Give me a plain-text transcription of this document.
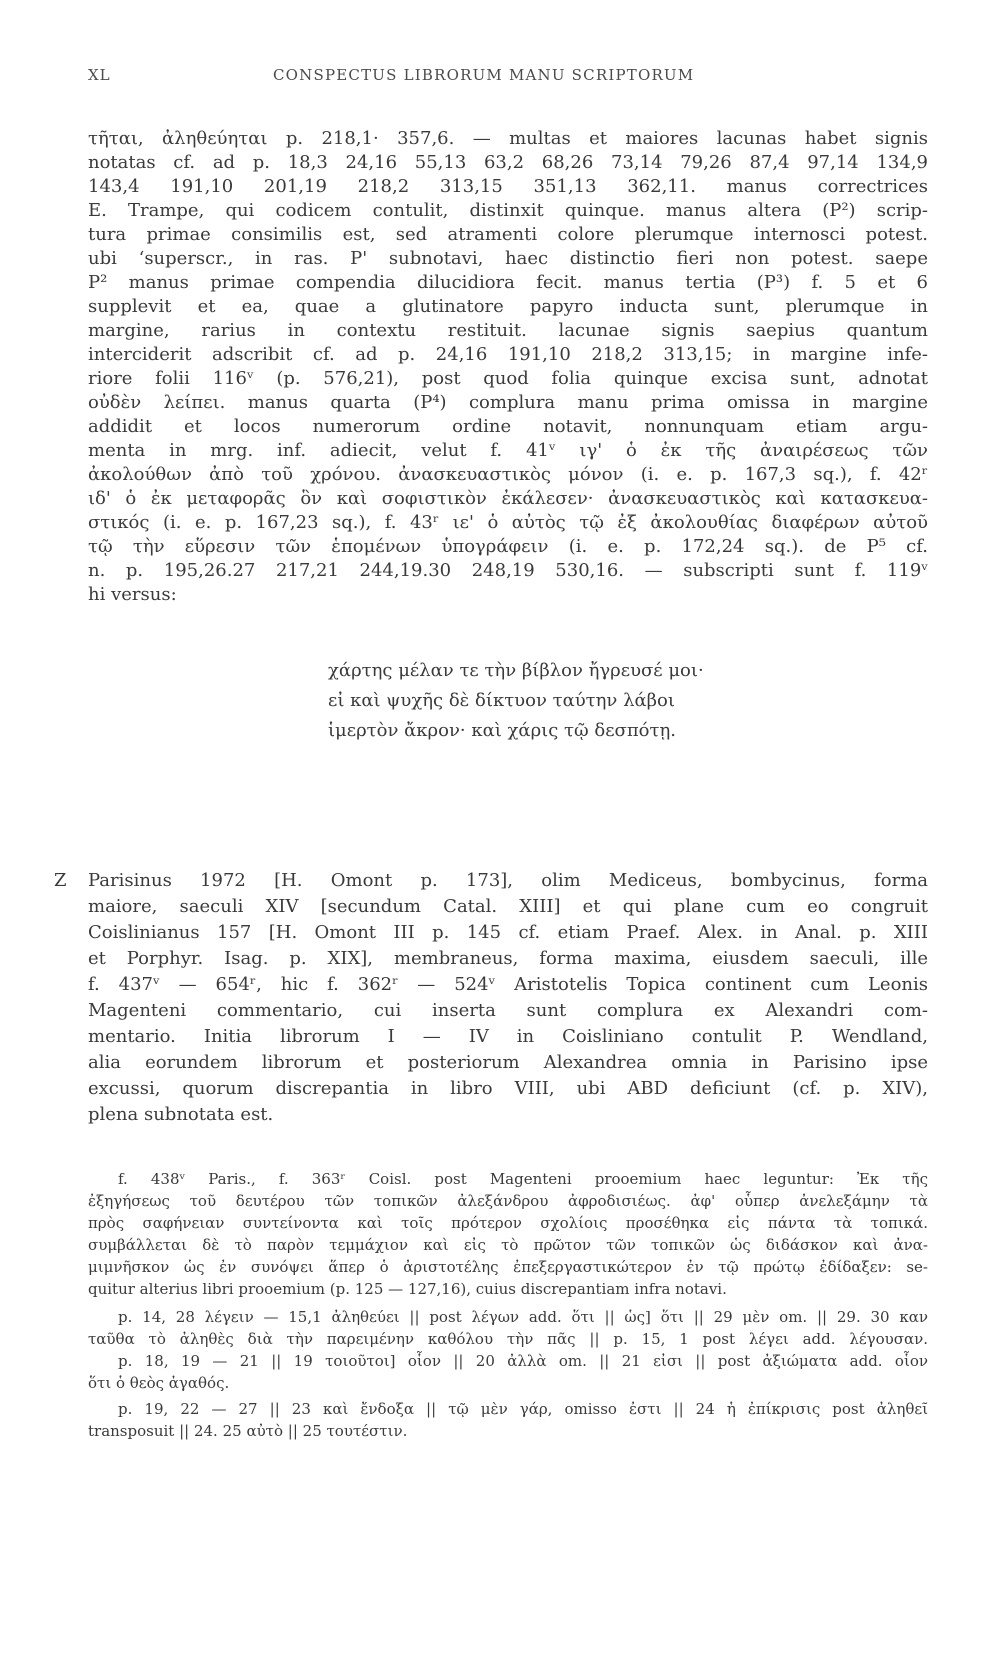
XL	CONSPECTUS LIBRORUM MANU SCRIPTORUM
τῆται, ἀληθεύηται p. 218,1· 357,6. — multas et maiores lacunas habet signis
notatas cf. ad p. 18,3 24,16 55,13 63,2 68,26 73,14 79,26 87,4 97,14 134,9
143,4 191,10 201,19 218,2 313,15 351,13 362,11. manus correctrices
E. Trampe, qui codicem contulit, distinxit quinque. manus altera (P²) scrip-
tura primae consimilis est, sed atramenti colore plerumque internosci potest.
ubi ʻsuperscr., in ras. P' subnotavi, haec distinctio fieri non potest. saepe
P² manus primae compendia dilucidiora fecit. manus tertia (P³) f. 5 et 6
supplevit et ea, quae a glutinatore papyro inducta sunt, plerumque in
margine, rarius in contextu restituit. lacunae signis saepius quantum
interciderit adscribit cf. ad p. 24,16 191,10 218,2 313,15; in margine infe-
riore folii 116ᵛ (p. 576,21), post quod folia quinque excisa sunt, adnotat
οὐδὲν λείπει. manus quarta (P⁴) complura manu prima omissa in margine
addidit et locos numerorum ordine notavit, nonnunquam etiam argu-
menta in mrg. inf. adiecit, velut f. 41ᵛ ιγ' ὁ ἐκ τῆς ἀναιρέσεως τῶν
ἀκολούθων ἀπὸ τοῦ χρόνου. ἀνασκευαστικὸς μόνον (i. e. p. 167,3 sq.), f. 42ʳ
ιδ' ὁ ἐκ μεταφορᾶς ὃν καὶ σοφιστικὸν ἐκάλεσεν· ἀνασκευαστικὸς καὶ κατασκευα-
στικός (i. e. p. 167,23 sq.), f. 43ʳ ιε' ὁ αὐτὸς τῷ ἐξ ἀκολουθίας διαφέρων αὐτοῦ
τῷ τὴν εὕρεσιν τῶν ἑπομένων ὑπογράφειν (i. e. p. 172,24 sq.). de P⁵ cf.
n. p. 195,26.27 217,21 244,19.30 248,19 530,16. — subscripti sunt f. 119ᵛ
hi versus:
χάρτης μέλαν τε τὴν βίβλον ἤγρευσέ μοι·
εἰ καὶ ψυχῆς δὲ δίκτυον ταύτην λάβοι
ἱμερτὸν ἄκρον· καὶ χάρις τῷ δεσπότῃ.
Z Parisinus 1972 [H. Omont p. 173], olim Mediceus, bombycinus, forma
maiore, saeculi XIV [secundum Catal. XIII] et qui plane cum eo congruit
Coislinianus 157 [H. Omont III p. 145 cf. etiam Praef. Alex. in Anal. p. XIII
et Porphyr. Isag. p. XIX], membraneus, forma maxima, eiusdem saeculi, ille
f. 437ᵛ — 654ʳ, hic f. 362ʳ — 524ᵛ Aristotelis Topica continent cum Leonis
Magenteni commentario, cui inserta sunt complura ex Alexandri com-
mentario. Initia librorum I — IV in Coisliniano contulit P. Wendland,
alia eorundem librorum et posteriorum Alexandrea omnia in Parisino ipse
excussi, quorum discrepantia in libro VIII, ubi ABD deficiunt (cf. p. XIV),
plena subnotata est.
f. 438ᵛ Paris., f. 363ʳ Coisl. post Magenteni prooemium haec leguntur: Ἐκ τῆς
ἐξηγήσεως τοῦ δευτέρου τῶν τοπικῶν ἀλεξάνδρου ἀφροδισιέως. ἀφ' οὗπερ ἀνελεξάμην τὰ
πρὸς σαφήνειαν συντείνοντα καὶ τοῖς πρότερον σχολίοις προσέθηκα εἰς πάντα τὰ τοπικά.
συμβάλλεται δὲ τὸ παρὸν τεμμάχιον καὶ εἰς τὸ πρῶτον τῶν τοπικῶν ὡς διδάσκον καὶ ἀνα-
μιμνῆσκον ὡς ἐν συνόψει ἅπερ ὁ ἀριστοτέλης ἐπεξεργαστικώτερον ἐν τῷ πρώτῳ ἐδίδαξεν: se-
quitur alterius libri prooemium (p. 125 — 127,16), cuius discrepantiam infra notavi.
p. 14, 28 λέγειν — 15,1 ἀληθεύει || post λέγων add. ὅτι || ὡς] ὅτι || 29 μὲν om. || 29. 30 καν
ταῦθα τὸ ἀληθὲς διὰ τὴν παρειμένην καθόλου τὴν πᾶς || p. 15, 1 post λέγει add. λέγουσαν.
p. 18, 19 — 21 || 19 τοιοῦτοι] οἷον || 20 ἀλλὰ om. || 21 εἰσι || post ἀξιώματα add. οἷον
ὅτι ὁ θεὸς ἀγαθός.
p. 19, 22 — 27 || 23 καὶ ἔνδοξα || τῷ μὲν γάρ, omisso ἐστι || 24 ἡ ἐπίκρισις post ἀληθεῖ
transposuit || 24. 25 αὐτὸ || 25 τουτέστιν.
